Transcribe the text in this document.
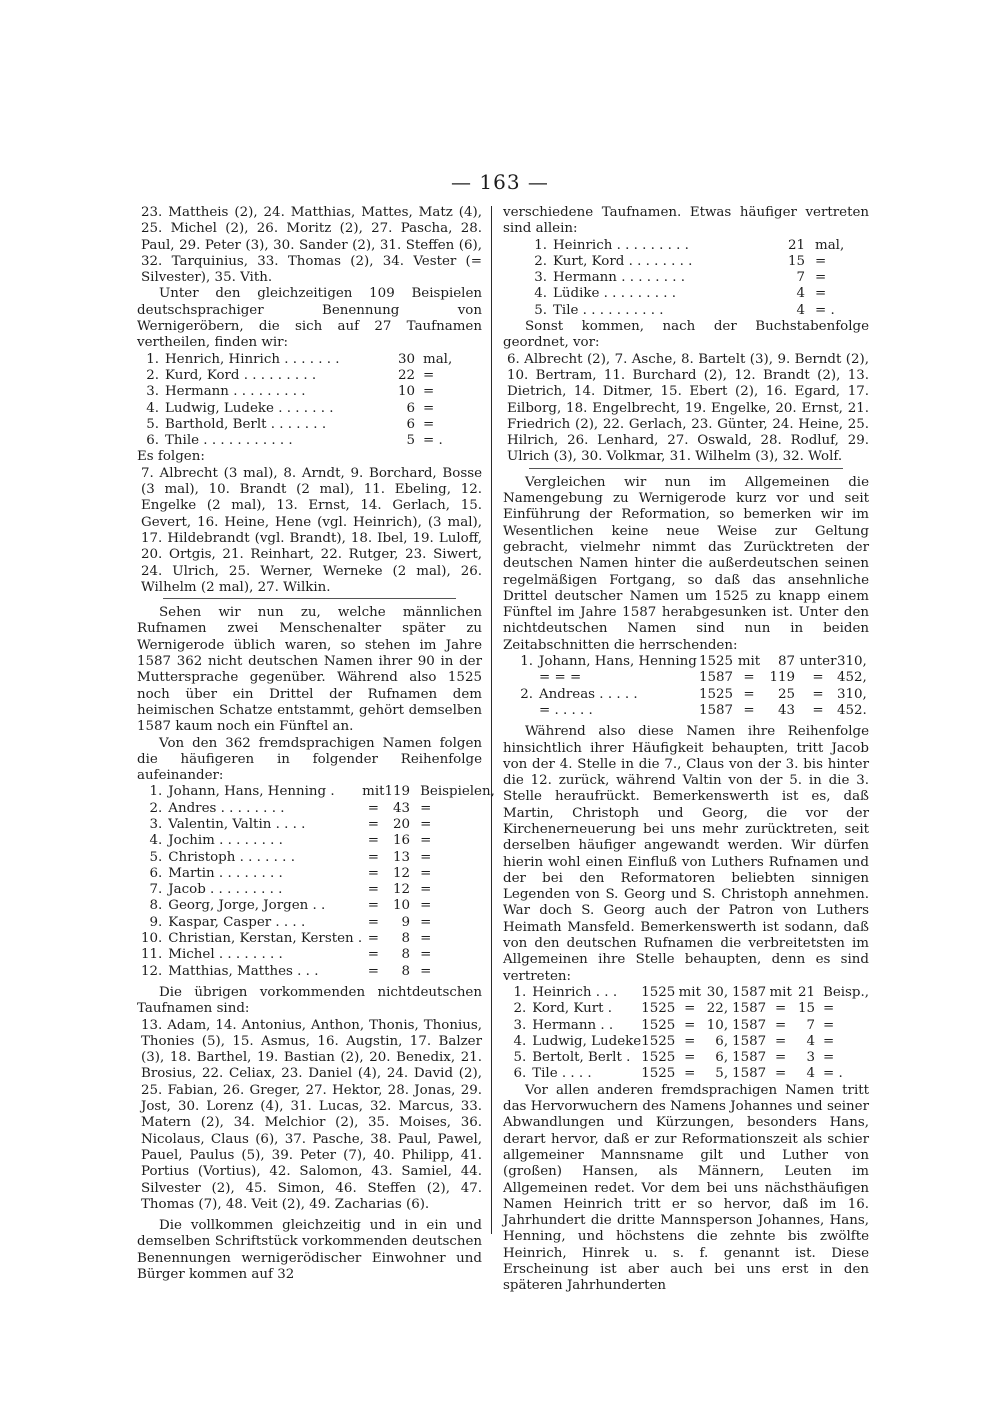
— 163 —

23. Mattheis (2), 24. Matthias, Mattes, Matz (4), 25. Michel (2), 26. Moritz (2), 27. Pascha, 28. Paul, 29. Peter (3), 30. Sander (2), 31. Steffen (6), 32. Tarquinius, 33. Thomas (2), 34. Vester (= Silvester), 35. Vith.

Unter den gleichzeitigen 109 Beispielen deutschsprachiger Benennung von Wernigeröbern, die sich auf 27 Taufnamen vertheilen, finden wir:

1.	Henrich, Hinrich . . . . . . .	30	mal,
2.	Kurd, Kord . . . . . . . . .	22	=
3.	Hermann . . . . . . . . .	10	=
4.	Ludwig, Ludeke . . . . . . .	6	=
5.	Barthold, Berlt . . . . . . .	6	=
6.	Thile . . . . . . . . . . .	5	= .

Es folgen:

7. Albrecht (3 mal), 8. Arndt, 9. Borchard, Bosse (3 mal), 10. Brandt (2 mal), 11. Ebeling, 12. Engelke (2 mal), 13. Ernst, 14. Gerlach, 15. Gevert, 16. Heine, Hene (vgl. Heinrich), (3 mal), 17. Hildebrandt (vgl. Brandt), 18. Ibel, 19. Luloff, 20. Ortgis, 21. Reinhart, 22. Rutger, 23. Siwert, 24. Ulrich, 25. Werner, Werneke (2 mal), 26. Wilhelm (2 mal), 27. Wilkin.

Sehen wir nun zu, welche männlichen Rufnamen zwei Menschenalter später zu Wernigerode üblich waren, so stehen im Jahre 1587 362 nicht deutschen Namen ihrer 90 in der Muttersprache gegenüber. Während also 1525 noch über ein Drittel der Rufnamen dem heimischen Schatze entstammt, gehört demselben 1587 kaum noch ein Fünftel an.

Von den 362 fremdsprachigen Namen folgen die häufigeren in folgender Reihenfolge aufeinander:

1.	Johann, Hans, Henning .	mit	119	Beispielen,
2.	Andres . . . . . . . .	=	43	=
3.	Valentin, Valtin . . . .	=	20	=
4.	Jochim . . . . . . . .	=	16	=
5.	Christoph . . . . . . .	=	13	=
6.	Martin . . . . . . . .	=	12	=
7.	Jacob . . . . . . . . .	=	12	=
8.	Georg, Jorge, Jorgen . .	=	10	=
9.	Kaspar, Casper . . . .	=	9	=
10.	Christian, Kerstan, Kersten .	=	8	=
11.	Michel . . . . . . . .	=	8	=
12.	Matthias, Matthes . . .	=	8	=

Die übrigen vorkommenden nichtdeutschen Taufnamen sind:

13. Adam, 14. Antonius, Anthon, Thonis, Thonius, Thonies (5), 15. Asmus, 16. Augstin, 17. Balzer (3), 18. Barthel, 19. Bastian (2), 20. Benedix, 21. Brosius, 22. Celiax, 23. Daniel (4), 24. David (2), 25. Fabian, 26. Greger, 27. Hektor, 28. Jonas, 29. Jost, 30. Lorenz (4), 31. Lucas, 32. Marcus, 33. Matern (2), 34. Melchior (2), 35. Moises, 36. Nicolaus, Claus (6), 37. Pasche, 38. Paul, Pawel, Pauel, Paulus (5), 39. Peter (7), 40. Philipp, 41. Portius (Vortius), 42. Salomon, 43. Samiel, 44. Silvester (2), 45. Simon, 46. Steffen (2), 47. Thomas (7), 48. Veit (2), 49. Zacharias (6).

Die vollkommen gleichzeitig und in ein und demselben Schriftstück vorkommenden deutschen Benennungen wernigerödischer Einwohner und Bürger kommen auf 32

verschiedene Taufnamen. Etwas häufiger vertreten sind allein:

1.	Heinrich . . . . . . . . .	21	mal,
2.	Kurt, Kord . . . . . . . .	15	=
3.	Hermann . . . . . . . .	7	=
4.	Lüdike . . . . . . . . .	4	=
5.	Tile . . . . . . . . . .	4	= .

Sonst kommen, nach der Buchstabenfolge geordnet, vor:

6. Albrecht (2), 7. Asche, 8. Bartelt (3), 9. Berndt (2), 10. Bertram, 11. Burchard (2), 12. Brandt (2), 13. Dietrich, 14. Ditmer, 15. Ebert (2), 16. Egard, 17. Eilborg, 18. Engelbrecht, 19. Engelke, 20. Ernst, 21. Friedrich (2), 22. Gerlach, 23. Günter, 24. Heine, 25. Hilrich, 26. Lenhard, 27. Oswald, 28. Rodluf, 29. Ulrich (3), 30. Volkmar, 31. Wilhelm (3), 32. Wolf.

Vergleichen wir nun im Allgemeinen die Namengebung zu Wernigerode kurz vor und seit Einführung der Reformation, so bemerken wir im Wesentlichen keine neue Weise zur Geltung gebracht, vielmehr nimmt das Zurücktreten der deutschen Namen hinter die außerdeutschen seinen regelmäßigen Fortgang, so daß das ansehnliche Drittel deutscher Namen um 1525 zu knapp einem Fünftel im Jahre 1587 herabgesunken ist. Unter den nichtdeutschen Namen sind nun in beiden Zeitabschnitten die herrschenden:

1.	Johann, Hans, Henning	1525	mit	87	unter	310,
	= = =	1587	=	119	=	452,
2.	Andreas . . . . .	1525	=	25	=	310,
	= . . . . .	1587	=	43	=	452.

Während also diese Namen ihre Reihenfolge hinsichtlich ihrer Häufigkeit behaupten, tritt Jacob von der 4. Stelle in die 7., Claus von der 3. bis hinter die 12. zurück, während Valtin von der 5. in die 3. Stelle heraufrückt. Bemerkenswerth ist es, daß Martin, Christoph und Georg, die vor der Kirchenerneuerung bei uns mehr zurücktreten, seit derselben häufiger angewandt werden. Wir dürfen hierin wohl einen Einfluß von Luthers Rufnamen und der bei den Reformatoren beliebten sinnigen Legenden von S. Georg und S. Christoph annehmen. War doch S. Georg auch der Patron von Luthers Heimath Mansfeld. Bemerkenswerth ist sodann, daß von den deutschen Rufnamen die verbreitetsten im Allgemeinen ihre Stelle behaupten, denn es sind vertreten:

1.	Heinrich . . .	1525	mit	30,	1587	mit	21	Beisp.,
2.	Kord, Kurt .	1525	=	22,	1587	=	15	=
3.	Hermann . .	1525	=	10,	1587	=	7	=
4.	Ludwig, Ludeke	1525	=	6,	1587	=	4	=
5.	Bertolt, Berlt .	1525	=	6,	1587	=	3	=
6.	Tile . . . .	1525	=	5,	1587	=	4	= .

Vor allen anderen fremdsprachigen Namen tritt das Hervorwuchern des Namens Johannes und seiner Abwandlungen und Kürzungen, besonders Hans, derart hervor, daß er zur Reformationszeit als schier allgemeiner Mannsname gilt und Luther von (großen) Hansen, als Männern, Leuten im Allgemeinen redet. Vor dem bei uns nächsthäufigen Namen Heinrich tritt er so hervor, daß im 16. Jahrhundert die dritte Mannsperson Johannes, Hans, Henning, und höchstens die zehnte bis zwölfte Heinrich, Hinrek u. s. f. genannt ist. Diese Erscheinung ist aber auch bei uns erst in den späteren Jahrhunderten
